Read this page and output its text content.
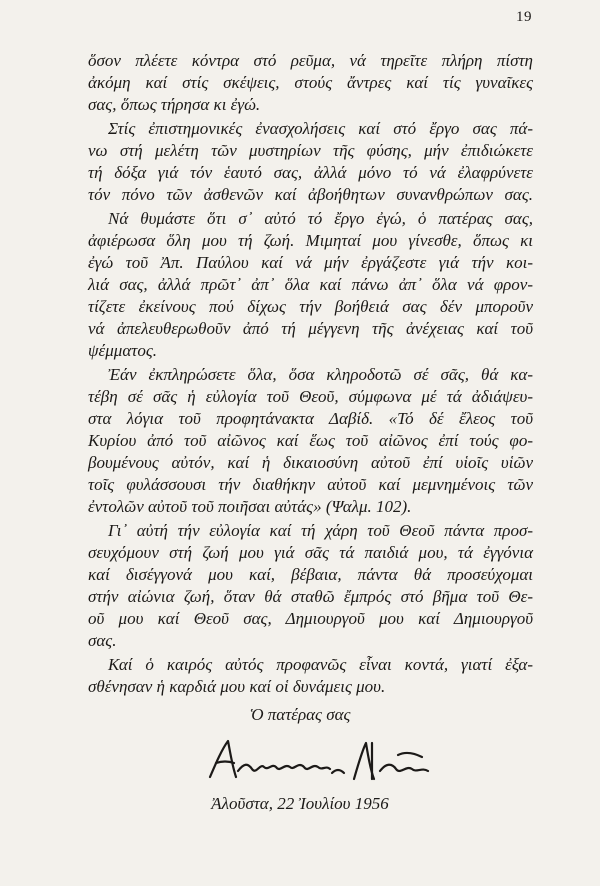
19
ὅσον πλέετε κόντρα στό ρεῦμα, νά τηρεῖτε πλήρη πίστη
ἀκόμη καί στίς σκέψεις, στούς ἄντρες καί τίς γυναῖκες
σας, ὅπως τήρησα κι ἐγώ.
Στίς ἐπιστημονικές ἐνασχολήσεις καί στό ἔργο σας πά-
νω στή μελέτη τῶν μυστηρίων τῆς φύσης, μήν ἐπιδιώκετε
τή δόξα γιά τόν ἑαυτό σας, ἀλλά μόνο τό νά ἐλαφρύνετε
τόν πόνο τῶν ἀσθενῶν καί ἀβοήθητων συνανθρώπων σας.
Νά θυμάστε ὅτι σ᾽ αὐτό τό ἔργο ἐγώ, ὁ πατέρας σας,
ἀφιέρωσα ὅλη μου τή ζωή. Μιμηταί μου γίνεσθε, ὅπως κι
ἐγώ τοῦ Ἀπ. Παύλου καί νά μήν ἐργάζεστε γιά τήν κοι-
λιά σας, ἀλλά πρῶτ᾽ ἀπ᾽ ὅλα καί πάνω ἀπ᾽ ὅλα νά φρον-
τίζετε ἐκείνους πού δίχως τήν βοήθειά σας δέν μποροῦν
νά ἀπελευθερωθοῦν ἀπό τή μέγγενη τῆς ἀνέχειας καί τοῦ
ψέμματος.
Ἐάν ἐκπληρώσετε ὅλα, ὅσα κληροδοτῶ σέ σᾶς, θά κα-
τέβη σέ σᾶς ἡ εὐλογία τοῦ Θεοῦ, σύμφωνα μέ τά ἀδιάψευ-
στα λόγια τοῦ προφητάνακτα Δαβίδ. «Τό δέ ἔλεος τοῦ
Κυρίου ἀπό τοῦ αἰῶνος καί ἕως τοῦ αἰῶνος ἐπί τούς φο-
βουμένους αὐτόν, καί ἡ δικαιοσύνη αὐτοῦ ἐπί υἱοῖς υἱῶν
τοῖς φυλάσσουσι τήν διαθήκην αὐτοῦ καί μεμνημένοις τῶν
ἐντολῶν αὐτοῦ τοῦ ποιῆσαι αὐτάς» (Ψαλμ. 102).
Γι᾽ αὐτή τήν εὐλογία καί τή χάρη τοῦ Θεοῦ πάντα προσ-
σευχόμουν στή ζωή μου γιά σᾶς τά παιδιά μου, τά ἐγγόνια
καί δισέγγονά μου καί, βέβαια, πάντα θά προσεύχομαι
στήν αἰώνια ζωή, ὅταν θά σταθῶ ἔμπρός στό βῆμα τοῦ Θε-
οῦ μου καί Θεοῦ σας, Δημιουργοῦ μου καί Δημιουργοῦ
σας.
Καί ὁ καιρός αὐτός προφανῶς εἶναι κοντά, γιατί ἐξα-
σθένησαν ἡ καρδιά μου καί οἱ δυνάμεις μου.
Ὁ πατέρας σας
Ἀλοῦστα, 22 Ἰουλίου 1956
